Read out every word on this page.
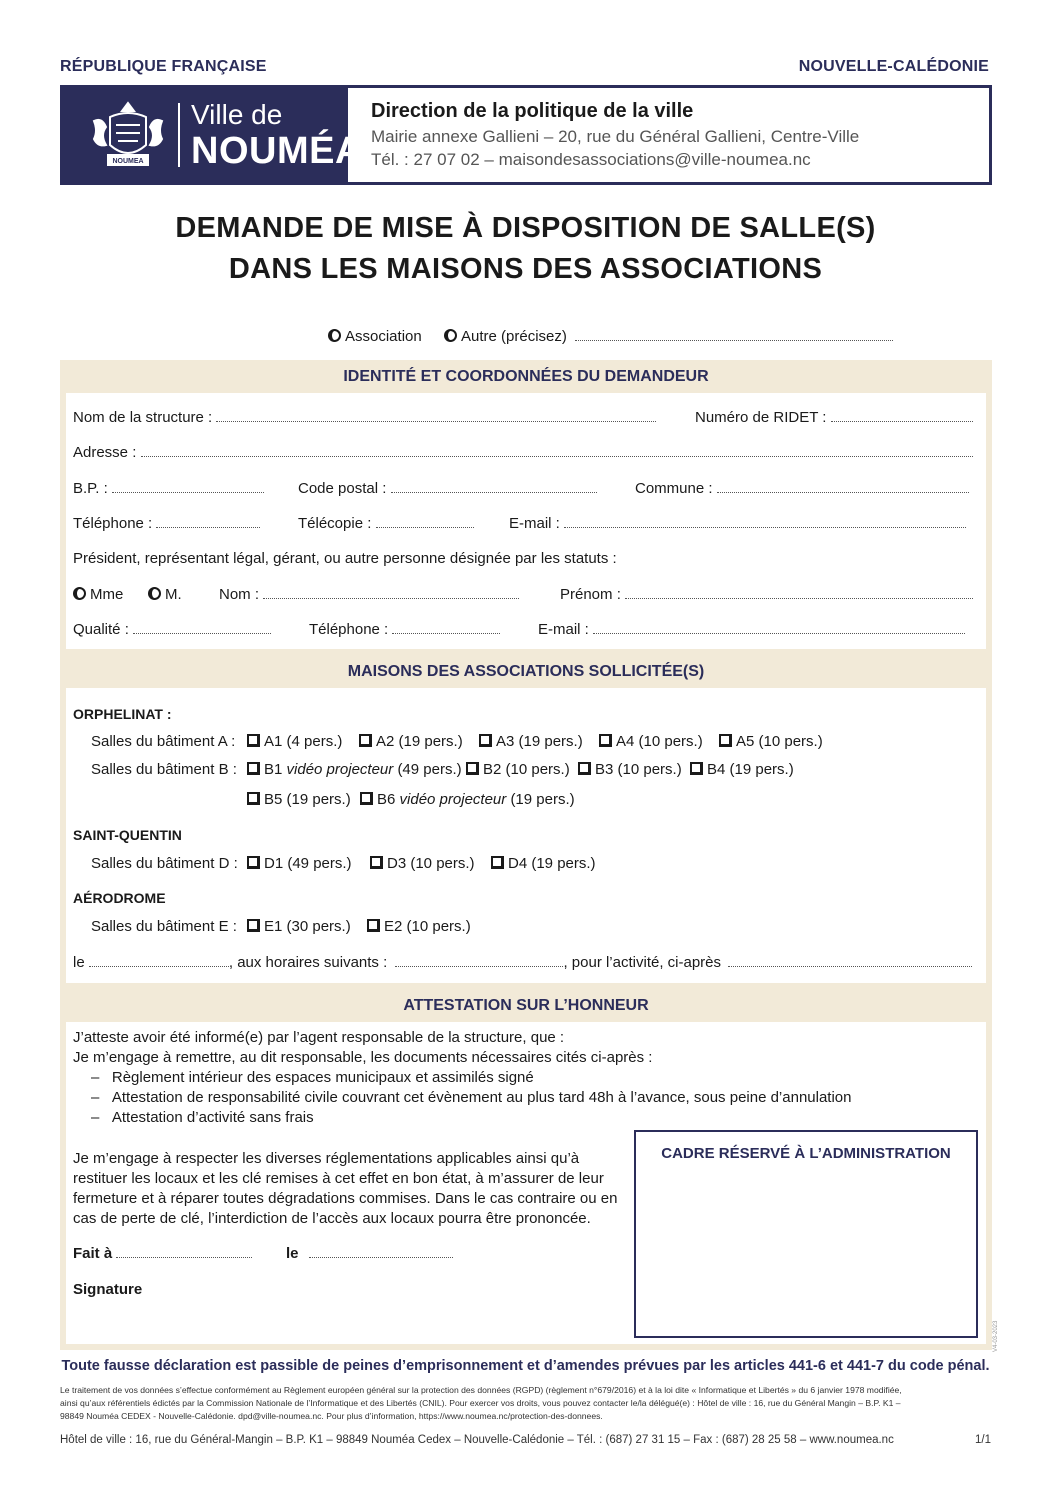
RÉPUBLIQUE FRANÇAISE	NOUVELLE-CALÉDONIE
NOUMEA
Ville de
NOUMÉA
Direction de la politique de la ville
Mairie annexe Gallieni – 20, rue du Général Gallieni, Centre-Ville
Tél. : 27 07 02 – maisondesassociations@ville-noumea.nc
DEMANDE DE MISE À DISPOSITION DE SALLE(S)
DANS LES MAISONS DES ASSOCIATIONS
Association	Autre (précisez)
IDENTITÉ ET COORDONNÉES DU DEMANDEUR
Nom de la structure :	Numéro de RIDET :
Adresse :
B.P. :	Code postal :	Commune :
Téléphone :	Télécopie :	E-mail :
Président, représentant légal, gérant, ou autre personne désignée par les statuts :
Mme	M. Nom :	Prénom :
Qualité :	Téléphone :	E-mail :
MAISONS DES ASSOCIATIONS SOLLICITÉE(S)
ORPHELINAT :
Salles du bâtiment A :	A1 (4 pers.)	A2 (19 pers.)	A3 (19 pers.)	A4 (10 pers.)	A5 (10 pers.)
Salles du bâtiment B :	B1 vidéo projecteur (49 pers.)	B2 (10 pers.)	B3 (10 pers.)	B4 (19 pers.)
B5 (19 pers.)	B6 vidéo projecteur (19 pers.)
SAINT-QUENTIN
Salles du bâtiment D :	D1 (49 pers.)	D3 (10 pers.)	D4 (19 pers.)
AÉRODROME
Salles du bâtiment E :	E1 (30 pers.)	E2 (10 pers.)
le	, aux horaires suivants :	, pour l’activité, ci-après
ATTESTATION SUR L’HONNEUR
J’atteste avoir été informé(e) par l’agent responsable de la structure, que :
Je m’engage à remettre, au dit responsable, les documents nécessaires cités ci-après :
–   Règlement intérieur des espaces municipaux et assimilés signé
–   Attestation de responsabilité civile couvrant cet évènement au plus tard 48h à l’avance, sous peine d’annulation
–   Attestation d’activité sans frais
Je m’engage à respecter les diverses réglementations applicables ainsi qu’à
restituer les locaux et les clé remises à cet effet en bon état, à m’assurer de leur
fermeture et à réparer toutes dégradations commises. Dans le cas contraire ou en
cas de perte de clé, l’interdiction de l’accès aux locaux pourra être prononcée.
Fait à	le
Signature
CADRE RÉSERVÉ À L’ADMINISTRATION
Toute fausse déclaration est passible de peines d’emprisonnement et d’amendes prévues par les articles 441-6 et 441-7 du code pénal.
Le traitement de vos données s’effectue conformément au Règlement européen général sur la protection des données (RGPD) (règlement n°679/2016) et à la loi dite « Informatique et Libertés » du 6 janvier 1978 modifiée,
ainsi qu’aux référentiels édictés par la Commission Nationale de l’Informatique et des Libertés (CNIL). Pour exercer vos droits, vous pouvez contacter le/la délégué(e) : Hôtel de ville : 16, rue du Général Mangin – B.P. K1 –
98849 Nouméa CEDEX - Nouvelle-Calédonie. dpd@ville-noumea.nc. Pour plus d’information, https://www.noumea.nc/protection-des-donnees.
Hôtel de ville : 16, rue du Général-Mangin – B.P. K1 – 98849 Nouméa Cedex – Nouvelle-Calédonie – Tél. : (687) 27 31 15 – Fax : (687) 28 25 58 – www.noumea.nc	1/1
V4-03-2023
